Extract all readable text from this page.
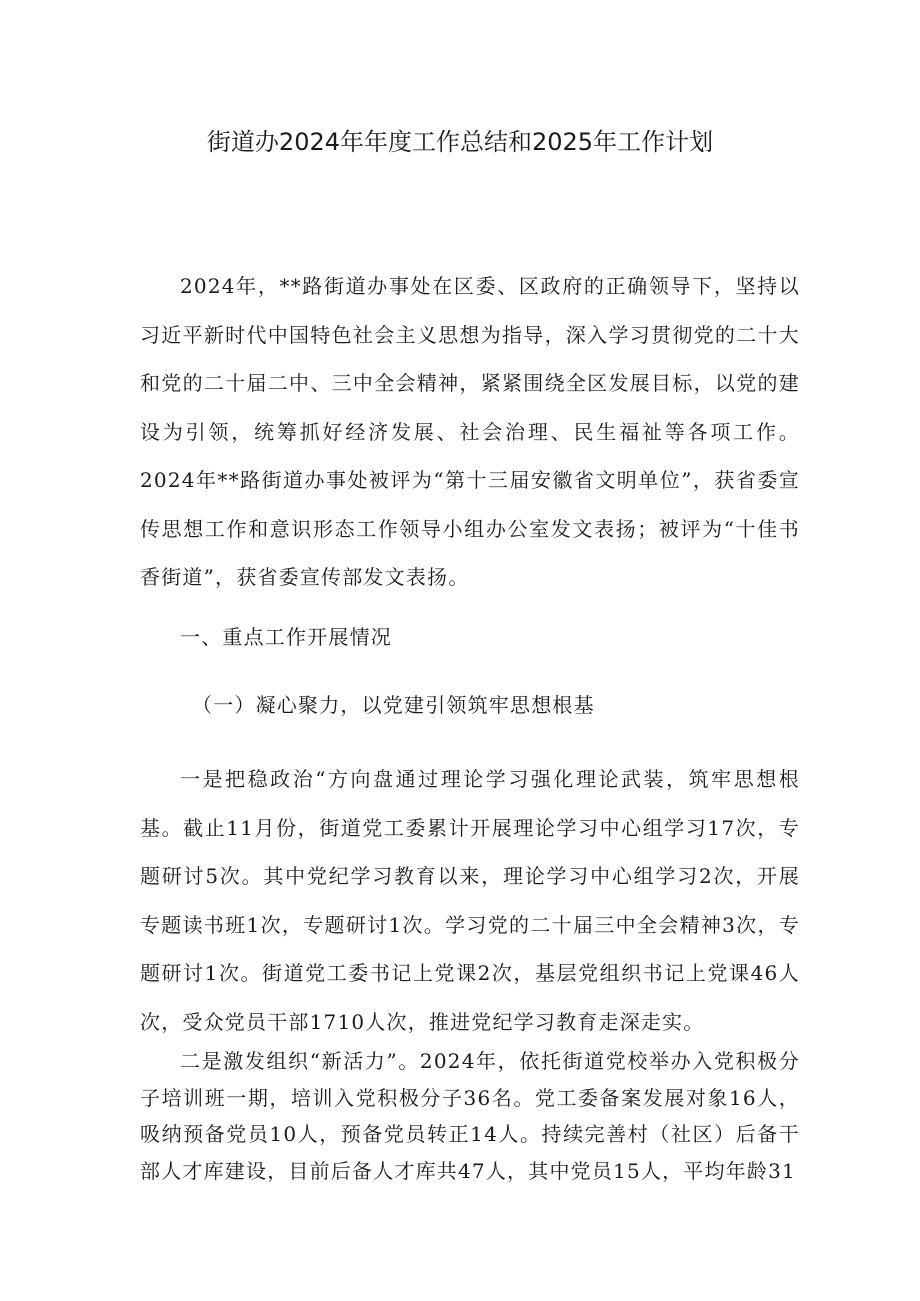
街道办2024年年度工作总结和2025年工作计划

2024年，**路街道办事处在区委、区政府的正确领导下，坚持以习近平新时代中国特色社会主义思想为指导，深入学习贯彻党的二十大和党的二十届二中、三中全会精神，紧紧围绕全区发展目标，以党的建设为引领，统筹抓好经济发展、社会治理、民生福祉等各项工作。2024年**路街道办事处被评为“第十三届安徽省文明单位”，获省委宣传思想工作和意识形态工作领导小组办公室发文表扬；被评为“十佳书香街道”，获省委宣传部发文表扬。

一、重点工作开展情况
（一）凝心聚力，以党建引领筑牢思想根基

一是把稳政治“方向盘通过理论学习强化理论武装，筑牢思想根基。截止11月份，街道党工委累计开展理论学习中心组学习17次，专题研讨5次。其中党纪学习教育以来，理论学习中心组学习2次，开展专题读书班1次，专题研讨1次。学习党的二十届三中全会精神3次，专题研讨1次。街道党工委书记上党课2次，基层党组织书记上党课46人次，受众党员干部1710人次，推进党纪学习教育走深走实。

二是激发组织“新活力”。2024年，依托街道党校举办入党积极分子培训班一期，培训入党积极分子36名。党工委备案发展对象16人，吸纳预备党员10人，预备党员转正14人。持续完善村（社区）后备干部人才库建设，目前后备人才库共47人，其中党员15人，平均年龄31
